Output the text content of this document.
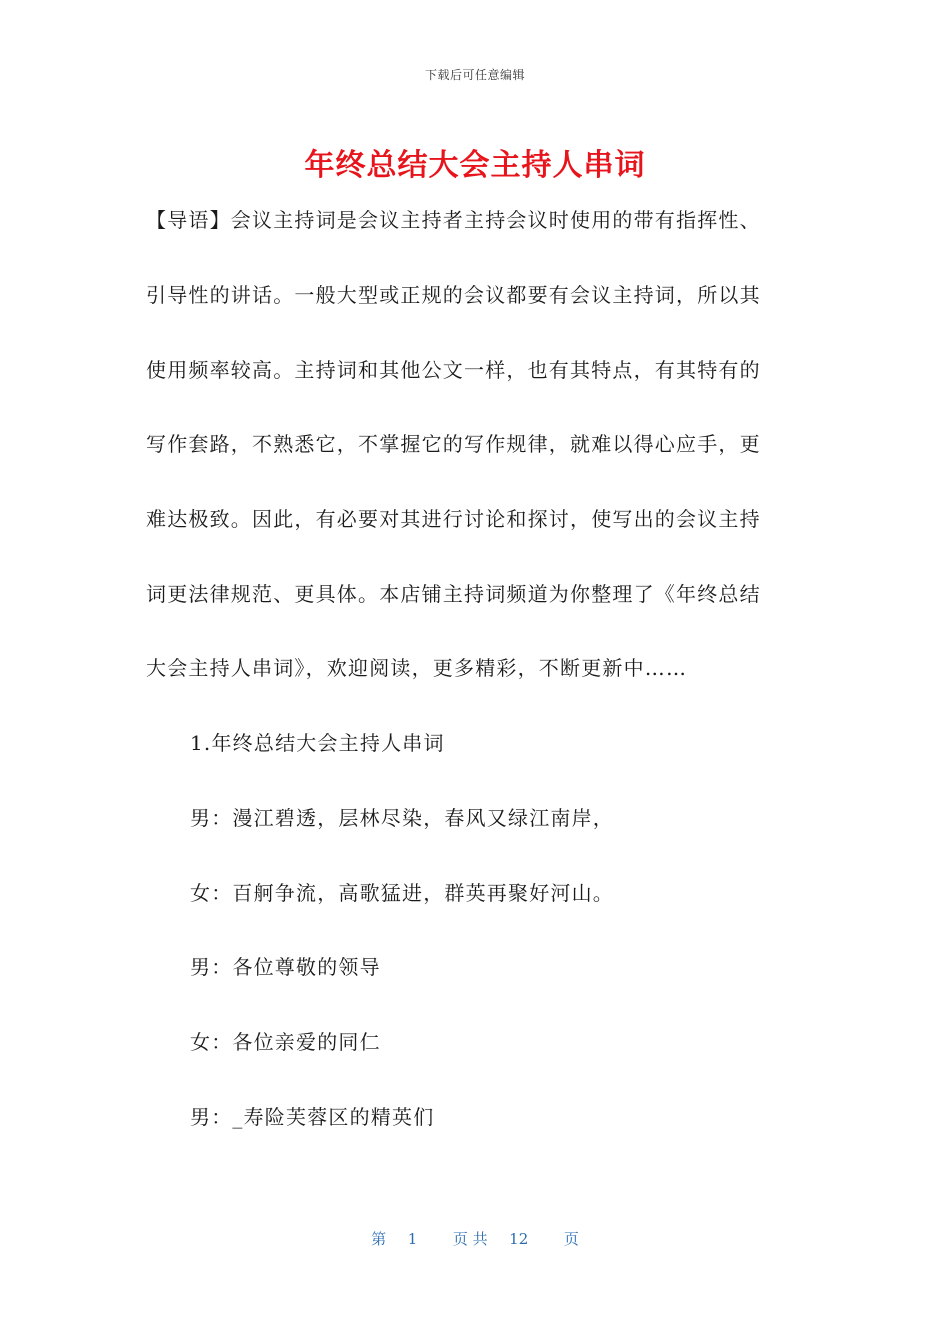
下载后可任意编辑
年终总结大会主持人串词

【导语】会议主持词是会议主持者主持会议时使用的带有指挥性、

引导性的讲话。一般大型或正规的会议都要有会议主持词，所以其

使用频率较高。主持词和其他公文一样，也有其特点，有其特有的

写作套路，不熟悉它，不掌握它的写作规律，就难以得心应手，更

难达极致。因此，有必要对其进行讨论和探讨，使写出的会议主持

词更法律规范、更具体。本店铺主持词频道为你整理了《年终总结

大会主持人串词》，欢迎阅读，更多精彩，不断更新中……

1.年终总结大会主持人串词

男：漫江碧透，层林尽染，春风又绿江南岸，

女：百舸争流，高歌猛进，群英再聚好河山。

男：各位尊敬的领导

女：各位亲爱的同仁

男：_寿险芙蓉区的精英们

第 1 页 共 12 页
